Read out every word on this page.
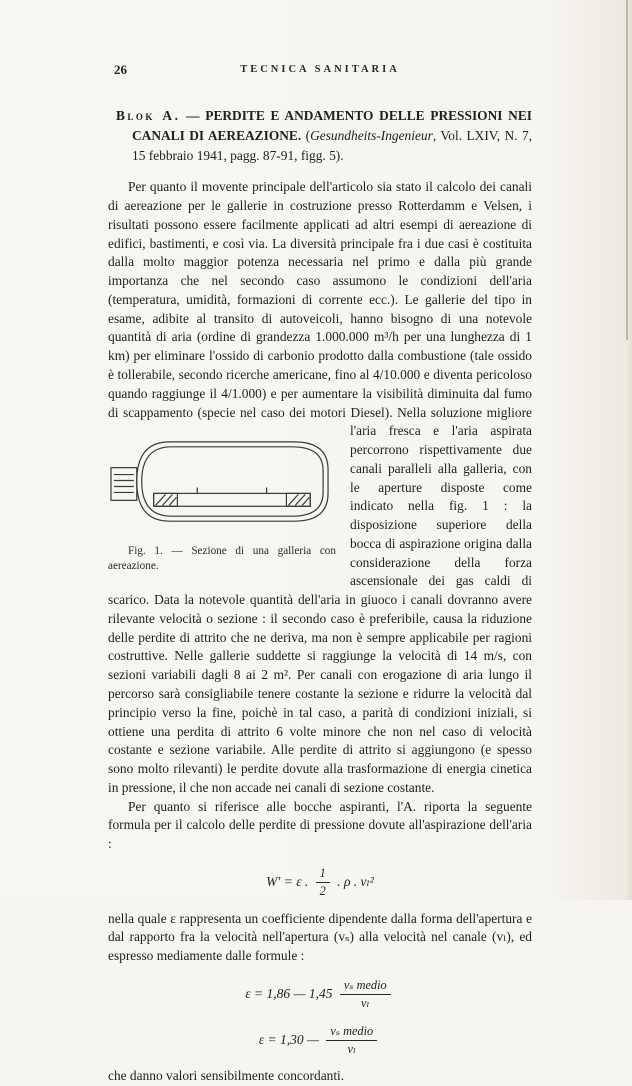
26	TECNICA SANITARIA

Blok A. — PERDITE E ANDAMENTO DELLE PRESSIONI NEI CANALI DI AEREAZIONE. (Gesundheits-Ingenieur, Vol. LXIV, N. 7, 15 febbraio 1941, pagg. 87-91, figg. 5).

Per quanto il movente principale dell'articolo sia stato il calcolo dei canali di aereazione per le gallerie in costruzione presso Rotterdamm e Velsen, i risultati possono essere facilmente applicati ad altri esempi di aereazione di edifici, bastimenti, e così via. La diversità principale fra i due casi è costituita dalla molto maggior potenza necessaria nel primo e dalla più grande importanza che nel secondo caso assumono le condizioni dell'aria (temperatura, umidità, formazioni di corrente ecc.). Le gallerie del tipo in esame, adibite al transito di autoveicoli, hanno bisogno di una notevole quantità di aria (ordine di grandezza 1.000.000 m³/h per una lunghezza di 1 km) per eliminare l'ossido di carbonio prodotto dalla combustione (tale ossido è tollerabile, secondo ricerche americane, fino al 4/10.000 e diventa pericoloso quando raggiunge il 4/1.000) e per aumentare la visibilità diminuita dal fumo di scappamento (specie nel caso dei motori Diesel). Nella soluzione migliore l'aria fresca e l'aria aspirata
Fig. 1. — Sezione di una galleria con aereazione.
percorrono rispettivamente due canali paralleli alla galleria, con le aperture disposte come indicato nella fig. 1 : la disposizione superiore della bocca di aspirazione origina dalla considerazione della forza ascensionale dei gas caldi di scarico. Data la notevole quantità dell'aria in giuoco i canali dovranno avere rilevante velocità o sezione : il secondo caso è preferibile, causa la riduzione delle perdite di attrito che ne deriva, ma non è sempre applicabile per ragioni costruttive. Nelle gallerie suddette si raggiunge la velocità di 14 m/s, con sezioni variabili dagli 8 ai 2 m². Per canali con erogazione di aria lungo il percorso sarà consigliabile tenere costante la sezione e ridurre la velocità dal principio verso la fine, poichè in tal caso, a parità di condizioni iniziali, si ottiene una perdita di attrito 6 volte minore che non nel caso di velocità costante e sezione variabile. Alle perdite di attrito si aggiungono (e spesso sono molto rilevanti) le perdite dovute alla trasformazione di energia cinetica in pressione, il che non accade nei canali di sezione costante.

Per quanto si riferisce alle bocche aspiranti, l'A. riporta la seguente formula per il calcolo delle perdite di pressione dovute all'aspirazione dell'aria :

W′ = ε . $\frac{1}{2}$ . ρ . vₗ²

nella quale ε rappresenta un coefficiente dipendente dalla forma dell'apertura e dal rapporto fra la velocità nell'apertura (vₛ) alla velocità nel canale (vₗ), ed espresso mediamente dalle formule :

ε = 1,86 — $1,45 \frac{\text{vₛ medio}}{\text{vₗ}}$
ε = 1,30 — $\frac{\text{vₛ medio}}{\text{vₗ}}$

che danno valori sensibilmente concordanti.
